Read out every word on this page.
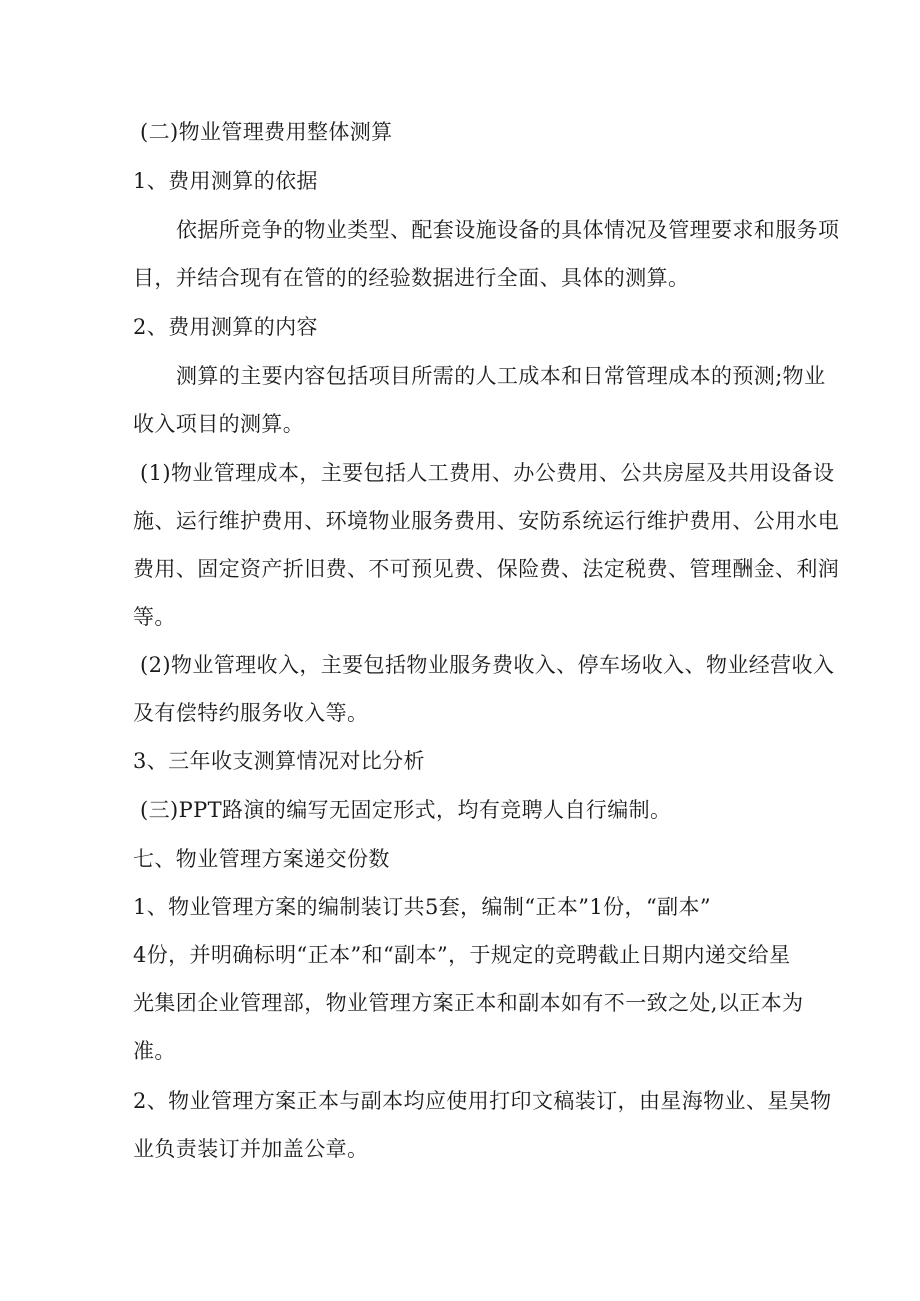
(二)物业管理费用整体测算
1、费用测算的依据
依据所竞争的物业类型、配套设施设备的具体情况及管理要求和服务项
目，并结合现有在管的的经验数据进行全面、具体的测算。
2、费用测算的内容
测算的主要内容包括项目所需的人工成本和日常管理成本的预测;物业
收入项目的测算。
(1)物业管理成本，主要包括人工费用、办公费用、公共房屋及共用设备设
施、运行维护费用、环境物业服务费用、安防系统运行维护费用、公用水电
费用、固定资产折旧费、不可预见费、保险费、法定税费、管理酬金、利润
等。
(2)物业管理收入，主要包括物业服务费收入、停车场收入、物业经营收入
及有偿特约服务收入等。
3、三年收支测算情况对比分析
(三)PPT路演的编写无固定形式，均有竞聘人自行编制。
七、物业管理方案递交份数
1、物业管理方案的编制装订共5套，编制“正本”1份，“副本”
4份，并明确标明“正本”和“副本”，于规定的竞聘截止日期内递交给星
光集团企业管理部，物业管理方案正本和副本如有不一致之处,以正本为
准。
2、物业管理方案正本与副本均应使用打印文稿装订，由星海物业、星昊物
业负责装订并加盖公章。
